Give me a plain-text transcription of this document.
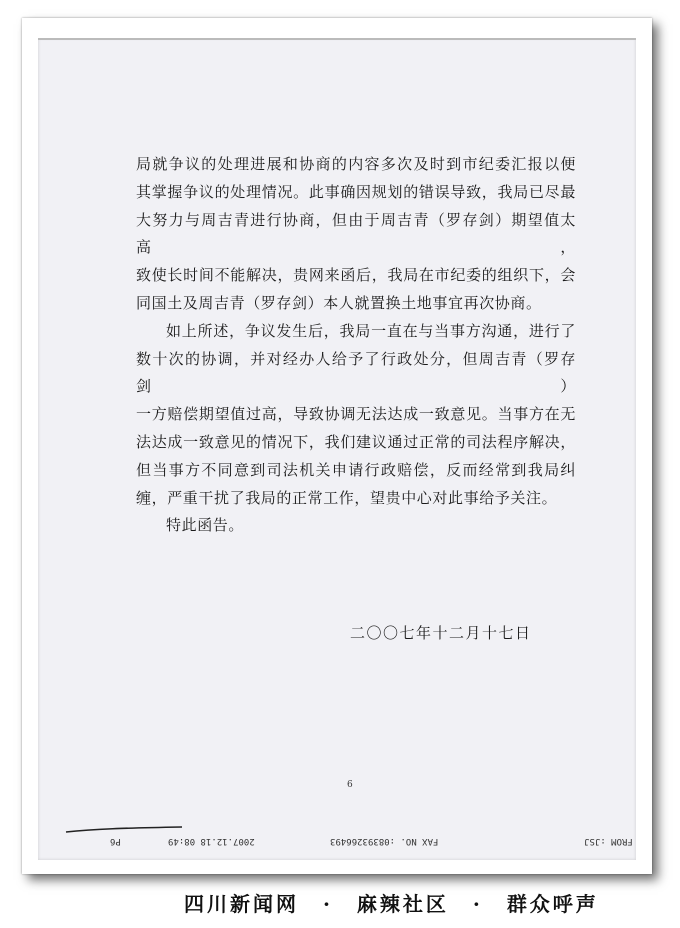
局就争议的处理进展和协商的内容多次及时到市纪委汇报以便

其掌握争议的处理情况。此事确因规划的错误导致，我局已尽最

大努力与周吉青进行协商，但由于周吉青（罗存剑）期望值太高，

致使长时间不能解决，贵网来函后，我局在市纪委的组织下，会

同国土及周吉青（罗存剑）本人就置换土地事宜再次协商。

如上所述，争议发生后，我局一直在与当事方沟通，进行了

数十次的协调，并对经办人给予了行政处分，但周吉青（罗存剑）

一方赔偿期望值过高，导致协调无法达成一致意见。当事方在无

法达成一致意见的情况下，我们建议通过正常的司法程序解决，

但当事方不同意到司法机关申请行政赔偿，反而经常到我局纠

缠，严重干扰了我局的正常工作，望贵中心对此事给予关注。

特此函告。

二〇〇七年十二月十七日
6
P6	2007.12.18 08:49	FAX NO. :08393266493	FROM :JSJ
四川新闻网 · 麻辣社区 · 群众呼声
